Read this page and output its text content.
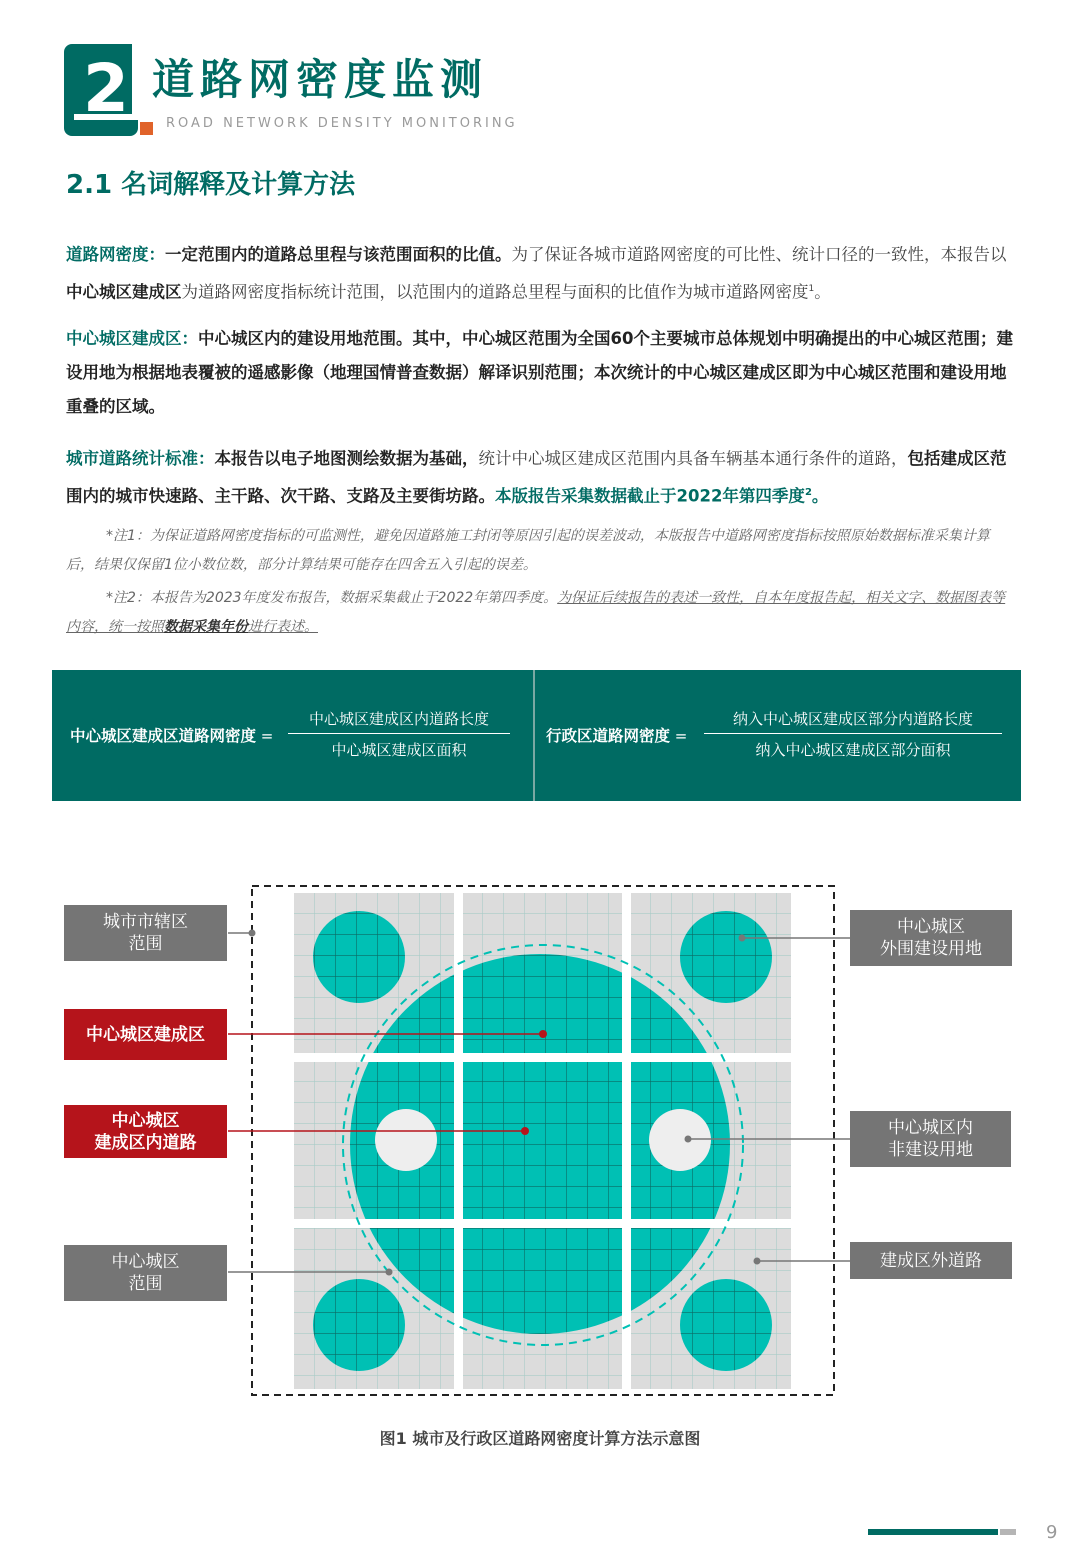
2 道路网密度监测
ROAD NETWORK DENSITY MONITORING
2.1 名词解释及计算方法
道路网密度：一定范围内的道路总里程与该范围面积的比值。为了保证各城市道路网密度的可比性、统计口径的一致性，本报告以中心城区建成区为道路网密度指标统计范围，以范围内的道路总里程与面积的比值作为城市道路网密度$^1$。
中心城区建成区：中心城区内的建设用地范围。其中，中心城区范围为全国60个主要城市总体规划中明确提出的中心城区范围；建设用地为根据地表覆被的遥感影像（地理国情普查数据）解译识别范围；本次统计的中心城区建成区即为中心城区范围和建设用地重叠的区域。
城市道路统计标准：本报告以电子地图测绘数据为基础，统计中心城区建成区范围内具备车辆基本通行条件的道路，包括建成区范围内的城市快速路、主干路、次干路、支路及主要街坊路。本版报告采集数据截止于2022年第四季度$^2$。
*注1：为保证道路网密度指标的可监测性，避免因道路施工封闭等原因引起的误差波动，本版报告中道路网密度指标按照原始数据标准采集计算后，结果仅保留1位小数位数，部分计算结果可能存在四舍五入引起的误差。
*注2：本报告为2023年度发布报告，数据采集截止于2022年第四季度。为保证后续报告的表述一致性，自本年度报告起，相关文字、数据图表等内容，统一按照数据采集年份进行表述。
中心城区建成区道路网密度 =
中心城区建成区内道路长度
中心城区建成区面积
行政区道路网密度 =
纳入中心城区建成区部分内道路长度
纳入中心城区建成区部分面积
城市市辖区
范围
中心城区建成区
中心城区
建成区内道路
中心城区
范围
中心城区
外围建设用地
中心城区内
非建设用地
建成区外道路
图1 城市及行政区道路网密度计算方法示意图
9
